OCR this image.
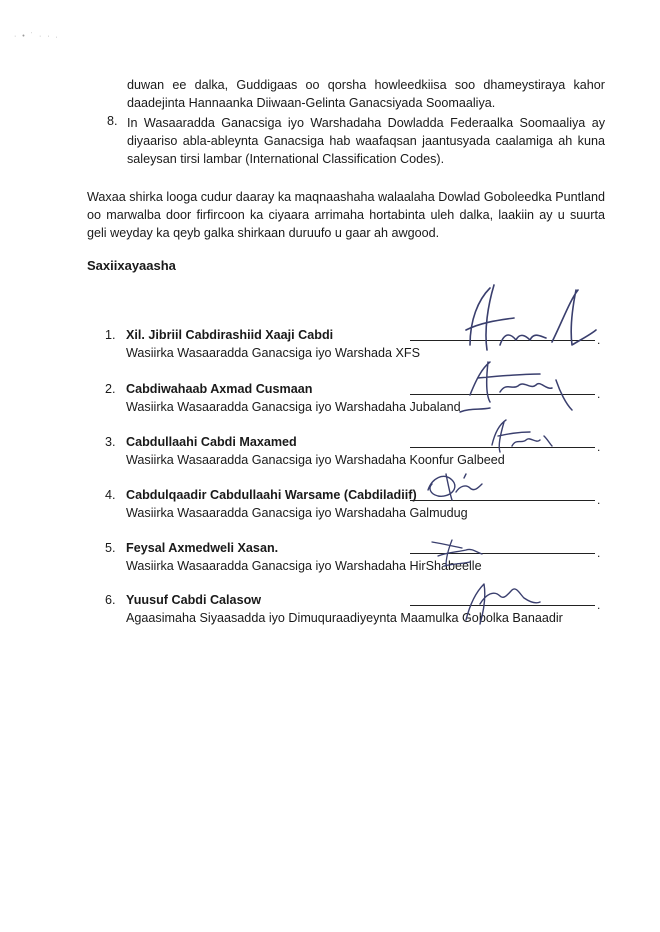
· • ˙ · · ˓
duwan ee dalka, Guddigaas oo qorsha howleedkiisa soo dhameystiraya kahor daadejinta Hannaanka Diiwaan-Gelinta Ganacsiyada Soomaaliya.
8. In Wasaaradda Ganacsiga iyo Warshadaha Dowladda Federaalka Soomaaliya ay diyaariso abla-ableynta Ganacsiga hab waafaqsan jaantusyada caalamiga ah kuna saleysan tirsi lambar (International Classification Codes).
Waxaa shirka looga cudur daaray ka maqnaashaha walaalaha Dowlad Goboleedka Puntland oo marwalba door firfircoon ka ciyaara arrimaha hortabinta uleh dalka, laakiin ay u suurta geli weyday ka qeyb galka shirkaan duruufo u gaar ah awgood.
Saxiixayaasha
1. Xil. Jibriil Cabdirashiid Xaaji Cabdi
Wasiirka Wasaaradda Ganacsiga iyo Warshada XFS
.
2. Cabdiwahaab Axmad Cusmaan
Wasiirka Wasaaradda Ganacsiga iyo Warshadaha Jubaland
.
3. Cabdullaahi Cabdi Maxamed
Wasiirka Wasaaradda Ganacsiga iyo Warshadaha Koonfur Galbeed
.
4. Cabdulqaadir Cabdullaahi Warsame (Cabdiladiif)
Wasiirka Wasaaradda Ganacsiga iyo Warshadaha Galmudug
.
5. Feysal Axmedweli Xasan.
Wasiirka Wasaaradda Ganacsiga iyo Warshadaha HirShabeelle
.
6. Yuusuf Cabdi Calasow
Agaasimaha Siyaasadda iyo Dimuquraadiyeynta Maamulka Gobolka Banaadir
.
